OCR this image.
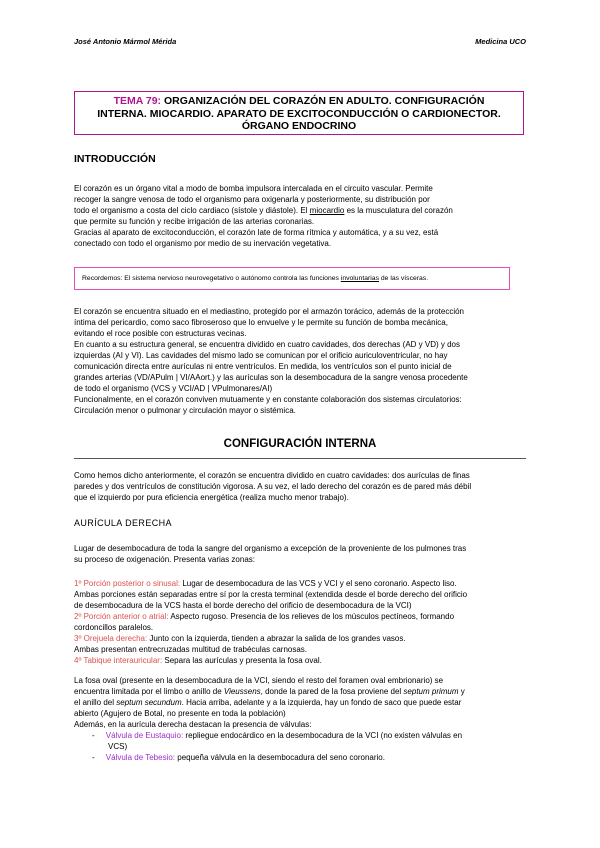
José Antonio Mármol Mérida	Medicina UCO
TEMA 79: ORGANIZACIÓN DEL CORAZÓN EN ADULTO. CONFIGURACIÓN
INTERNA. MIOCARDIO. APARATO DE EXCITOCONDUCCIÓN O CARDIONECTOR.
ÓRGANO ENDOCRINO
INTRODUCCIÓN

El corazón es un órgano vital a modo de bomba impulsora intercalada en el circuito vascular. Permite

recoger la sangre venosa de todo el organismo para oxigenarla y posteriormente, su distribución por

todo el organismo a costa del ciclo cardiaco (sístole y diástole). El miocardio es la musculatura del corazón

que permite su función y recibe irrigación de las arterias coronarias.

Gracias al aparato de excitoconducción, el corazón late de forma rítmica y automática, y a su vez, está

conectado con todo el organismo por medio de su inervación vegetativa.

Recordemos: El sistema nervioso neurovegetativo o autónomo controla las funciones involuntarias de las vísceras.

El corazón se encuentra situado en el mediastino, protegido por el armazón torácico, además de la protección

íntima del pericardio, como saco fibroseroso que lo envuelve y le permite su función de bomba mecánica,

evitando el roce posible con estructuras vecinas.

En cuanto a su estructura general, se encuentra dividido en cuatro cavidades, dos derechas (AD y VD) y dos

izquierdas (AI y VI). Las cavidades del mismo lado se comunican por el orificio auriculoventricular, no hay

comunicación directa entre aurículas ni entre ventrículos. En medida, los ventrículos son el punto inicial de

grandes arterias (VD/APulm | VI/AAort.) y las aurículas son la desembocadura de la sangre venosa procedente

de todo el organismo (VCS y VCI/AD | VPulmonares/AI)

Funcionalmente, en el corazón conviven mutuamente y en constante colaboración dos sistemas circulatorios:

Circulación menor o pulmonar y circulación mayor o sistémica.

CONFIGURACIÓN INTERNA

Como hemos dicho anteriormente, el corazón se encuentra dividido en cuatro cavidades: dos aurículas de finas

paredes y dos ventrículos de constitución vigorosa. A su vez, el lado derecho del corazón es de pared más débil

que el izquierdo por pura eficiencia energética (realiza mucho menor trabajo).

AURÍCULA DERECHA

Lugar de desembocadura de toda la sangre del organismo a excepción de la proveniente de los pulmones tras

su proceso de oxigenación. Presenta varias zonas:

1º Porción posterior o sinusal: Lugar de desembocadura de las VCS y VCI y el seno coronario. Aspecto liso.

Ambas porciones están separadas entre sí por la cresta terminal (extendida desde el borde derecho del orificio

de desembocadura de la VCS hasta el borde derecho del orificio de desembocadura de la VCI)

2º Porción anterior o atrial: Aspecto rugoso. Presencia de los relieves de los músculos pectíneos, formando

cordoncillos paralelos.

3º Orejuela derecha: Junto con la izquierda, tienden a abrazar la salida de los grandes vasos.

Ambas presentan entrecruzadas multitud de trabéculas carnosas.

4º Tabique interauricular: Separa las aurículas y presenta la fosa oval.

La fosa oval (presente en la desembocadura de la VCI, siendo el resto del foramen oval embrionario) se

encuentra limitada por el limbo o anillo de Vieussens, donde la pared de la fosa proviene del septum primum y

el anillo del septum secundum. Hacia arriba, adelante y a la izquierda, hay un fondo de saco que puede estar

abierto (Agujero de Botal, no presente en toda la población)

Además, en la aurícula derecha destacan la presencia de válvulas:

- Válvula de Eustaquio: repliegue endocárdico en la desembocadura de la VCI (no existen válvulas en

VCS)

- Válvula de Tebesio: pequeña válvula en la desembocadura del seno coronario.
